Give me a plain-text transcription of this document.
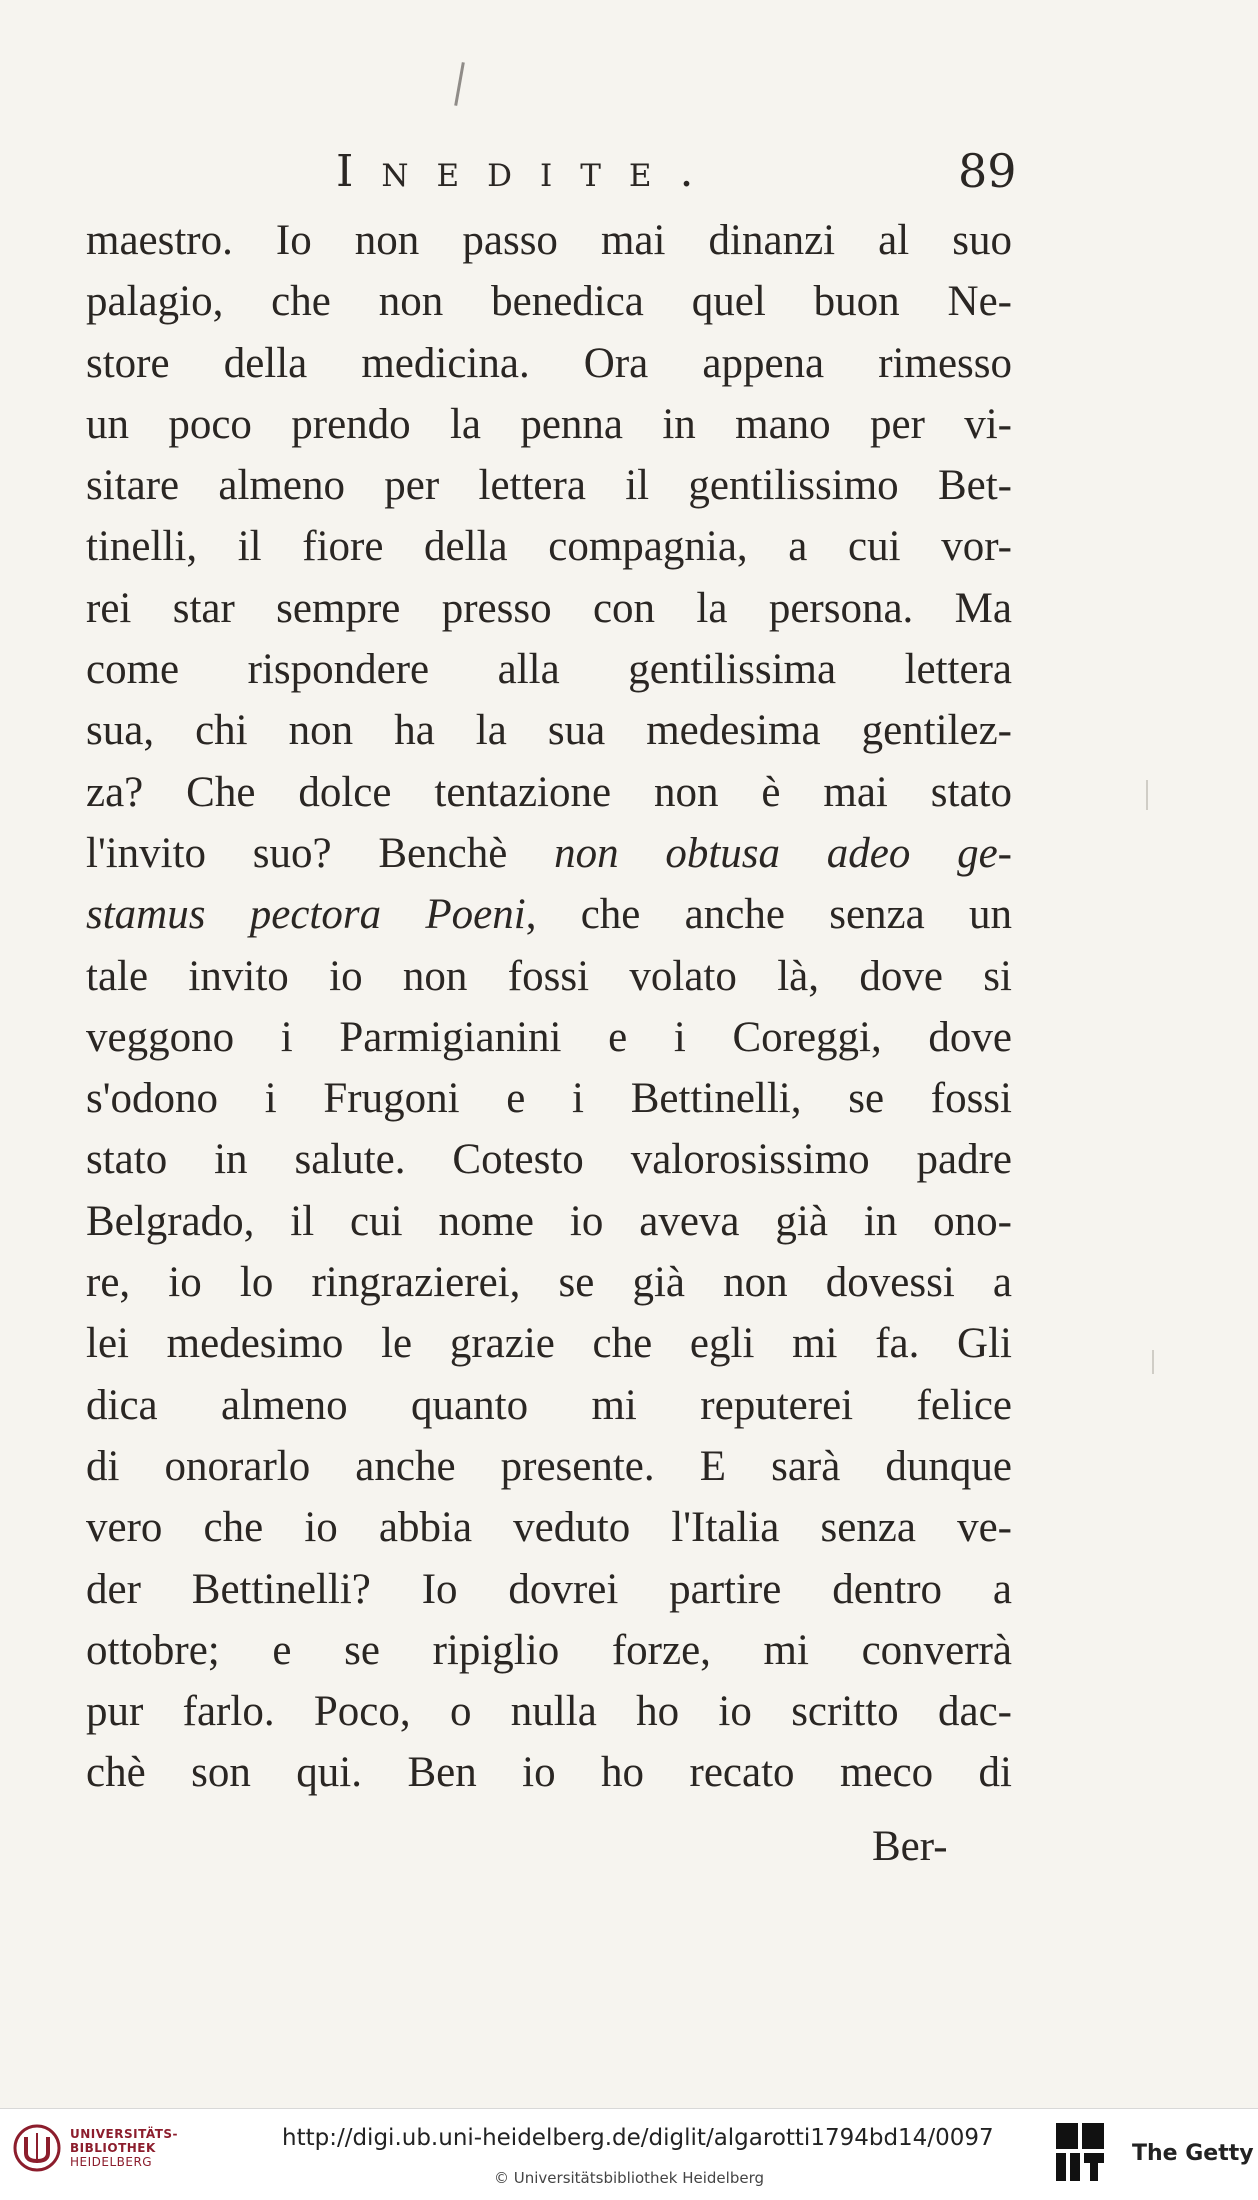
Inedite.	89
maestro. Io non passo mai dinanzi al suo
palagio, che non benedica quel buon Ne-
store della medicina. Ora appena rimesso
un poco prendo la penna in mano per vi-
sitare almeno per lettera il gentilissimo Bet-
tinelli, il fiore della compagnia, a cui vor-
rei star sempre presso con la persona. Ma
come rispondere alla gentilissima lettera
sua, chi non ha la sua medesima gentilez-
za? Che dolce tentazione non è mai stato
l'invito suo? Benchè non obtusa adeo ge-
stamus pectora Poeni, che anche senza un
tale invito io non fossi volato là, dove si
veggono i Parmigianini e i Coreggi, dove
s'odono i Frugoni e i Bettinelli, se fossi
stato in salute. Cotesto valorosissimo padre
Belgrado, il cui nome io aveva già in ono-
re, io lo ringrazierei, se già non dovessi a
lei medesimo le grazie che egli mi fa. Gli
dica almeno quanto mi reputerei felice
di onorarlo anche presente. E sarà dunque
vero che io abbia veduto l'Italia senza ve-
der Bettinelli? Io dovrei partire dentro a
ottobre; e se ripiglio forze, mi converrà
pur farlo. Poco, o nulla ho io scritto dac-
chè son qui. Ben io ho recato meco di
Ber-
UNIVERSITÄTS-
BIBLIOTHEK
HEIDELBERG
http://digi.ub.uni-heidelberg.de/diglit/algarotti1794bd14/0097
© Universitätsbibliothek Heidelberg
The Getty
